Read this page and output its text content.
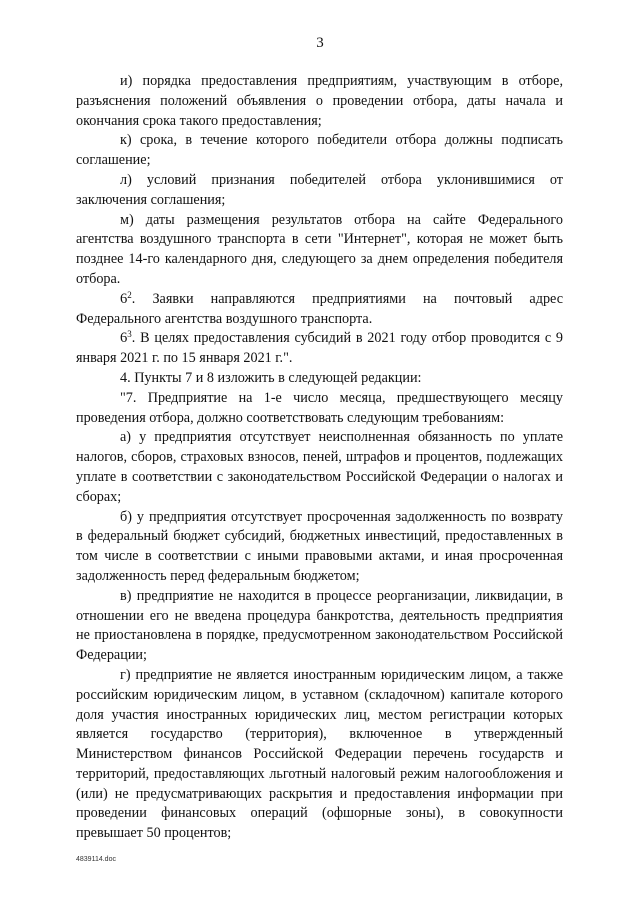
3

и) порядка предоставления предприятиям, участвующим в отборе, разъяснения положений объявления о проведении отбора, даты начала и окончания срока такого предоставления;

к) срока, в течение которого победители отбора должны подписать соглашение;

л) условий признания победителей отбора уклонившимися от заключения соглашения;

м) даты размещения результатов отбора на сайте Федерального агентства воздушного транспорта в сети "Интернет", которая не может быть позднее 14-го календарного дня, следующего за днем определения победителя отбора.

$6^2$. Заявки направляются предприятиями на почтовый адрес Федерального агентства воздушного транспорта.

$6^3$. В целях предоставления субсидий в 2021 году отбор проводится с 9 января 2021 г. по 15 января 2021 г.".

4. Пункты 7 и 8 изложить в следующей редакции:

"7. Предприятие на 1-е число месяца, предшествующего месяцу проведения отбора, должно соответствовать следующим требованиям:

а) у предприятия отсутствует неисполненная обязанность по уплате налогов, сборов, страховых взносов, пеней, штрафов и процентов, подлежащих уплате в соответствии с законодательством Российской Федерации о налогах и сборах;

б) у предприятия отсутствует просроченная задолженность по возврату в федеральный бюджет субсидий, бюджетных инвестиций, предоставленных в том числе в соответствии с иными правовыми актами, и иная просроченная задолженность перед федеральным бюджетом;

в) предприятие не находится в процессе реорганизации, ликвидации, в отношении его не введена процедура банкротства, деятельность предприятия не приостановлена в порядке, предусмотренном законодательством Российской Федерации;

г) предприятие не является иностранным юридическим лицом, а также российским юридическим лицом, в уставном (складочном) капитале которого доля участия иностранных юридических лиц, местом регистрации которых является государство (территория), включенное в утвержденный Министерством финансов Российской Федерации перечень государств и территорий, предоставляющих льготный налоговый режим налогообложения и (или) не предусматривающих раскрытия и предоставления информации при проведении финансовых операций (офшорные зоны), в совокупности превышает 50 процентов;

4839114.doc
